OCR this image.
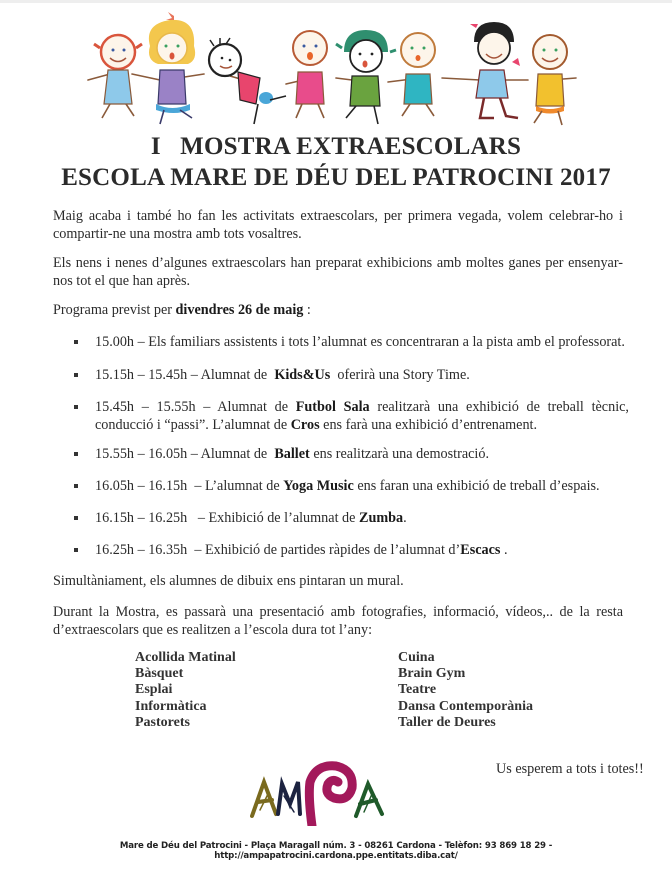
I   MOSTRA EXTRAESCOLARS
ESCOLA MARE DE DÉU DEL PATROCINI 2017

Maig acaba i també ho fan les activitats extraescolars, per primera vegada, volem celebrar-ho i compartir-ne una mostra amb tots vosaltres.

Els nens i nenes d’algunes extraescolars han preparat exhibicions amb moltes ganes per ensenyar-nos tot el que han après.

Programa previst per divendres 26 de maig :

15.00h – Els familiars assistents i tots l’alumnat es concentraran a la pista amb el professorat.
15.15h – 15.45h – Alumnat de  Kids&Us  oferirà una Story Time.
15.45h – 15.55h – Alumnat de Futbol Sala realitzarà una exhibició de treball tècnic, conducció i “passi”. L’alumnat de Cros ens farà una exhibició d’entrenament.
15.55h – 16.05h – Alumnat de  Ballet ens realitzarà una demostració.
16.05h – 16.15h  – L’alumnat de Yoga Music ens faran una exhibició de treball d’espais.
16.15h – 16.25h   – Exhibició de l’alumnat de Zumba.
16.25h – 16.35h  – Exhibició de partides ràpides de l’alumnat d’Escacs .

Simultàniament, els alumnes de dibuix ens pintaran un mural.

Durant la Mostra, es passarà una presentació amb fotografies, informació, vídeos,.. de la resta d’extraescolars que es realitzen a l’escola dura tot l’any:

Acollida Matinal
Bàsquet
Esplai
Informàtica
Pastorets
Cuina
Brain Gym
Teatre
Dansa Contemporània
Taller de Deures
Us esperem a tots i totes!!
Mare de Déu del Patrocini - Plaça Maragall núm. 3 - 08261 Cardona - Telèfon: 93 869 18 29 - http://ampapatrocini.cardona.ppe.entitats.diba.cat/
